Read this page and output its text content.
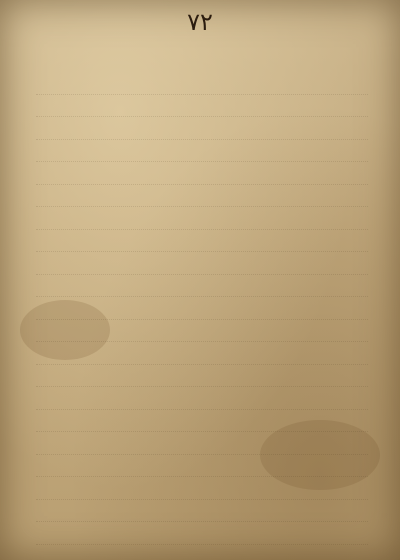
۷۲
